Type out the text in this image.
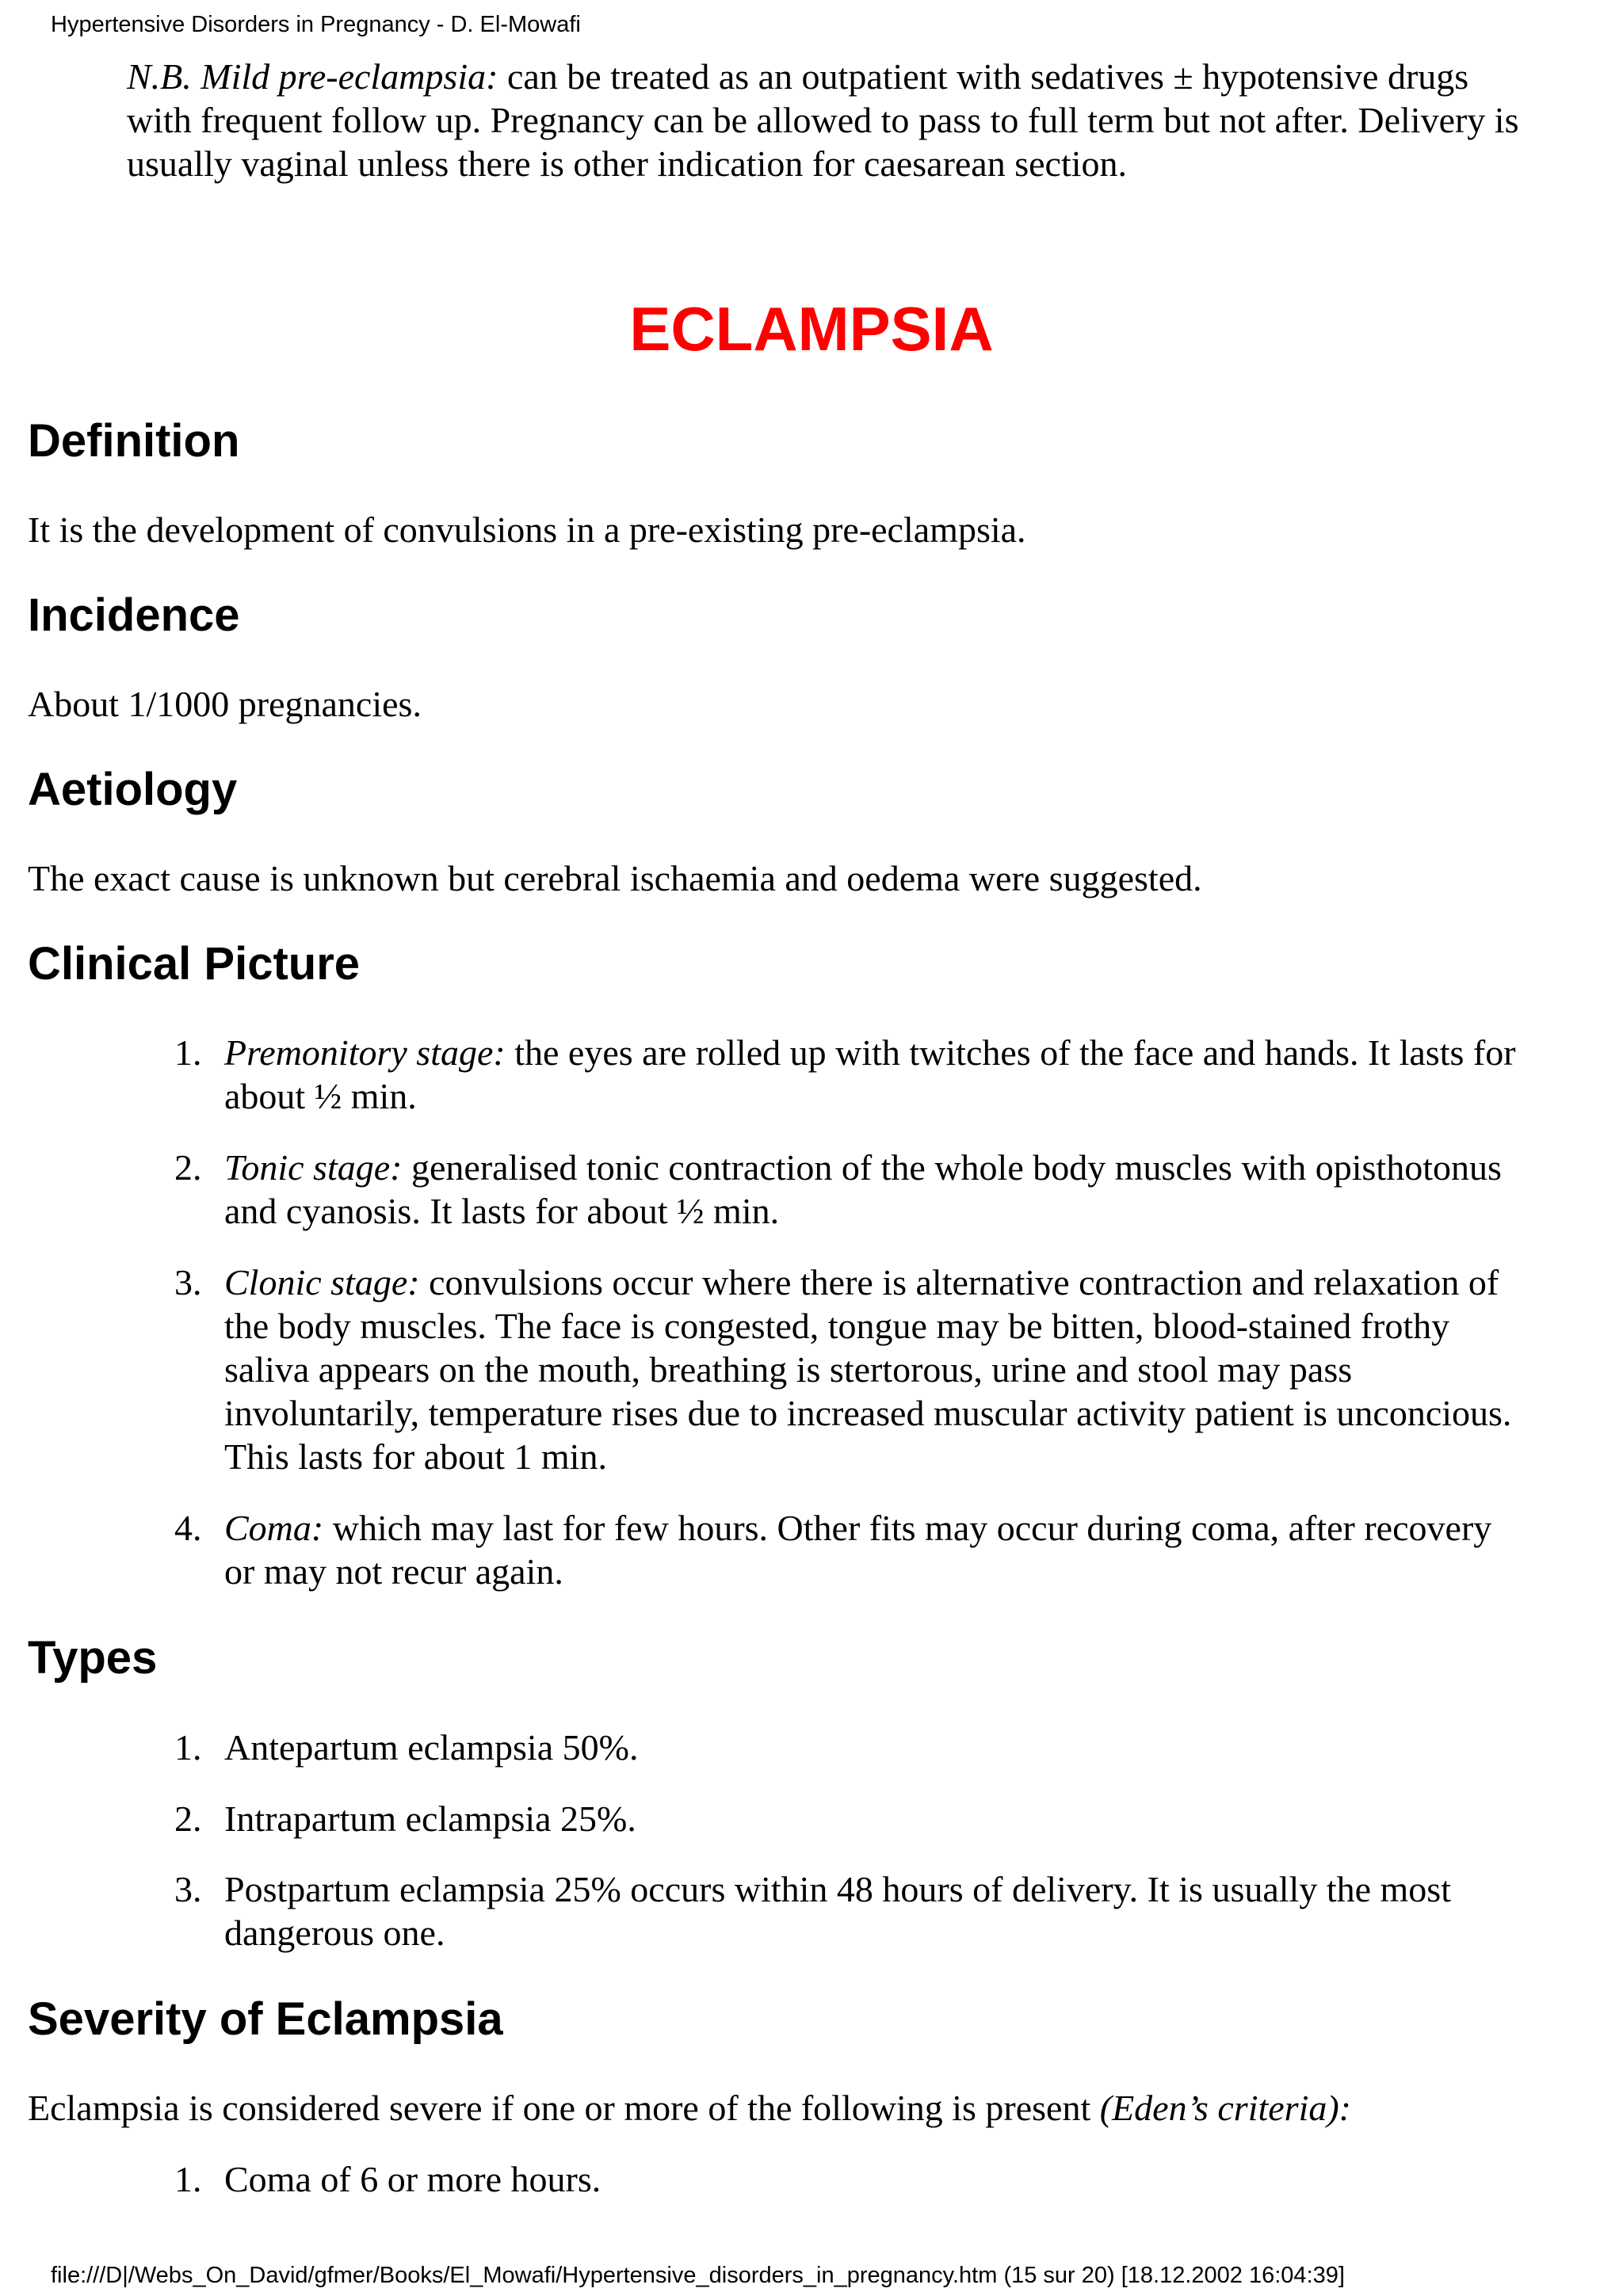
Hypertensive Disorders in Pregnancy - D. El-Mowafi

N.B. Mild pre-eclampsia: can be treated as an outpatient with sedatives ± hypotensive drugs with frequent follow up. Pregnancy can be allowed to pass to full term but not after. Delivery is usually vaginal unless there is other indication for caesarean section.

ECLAMPSIA
Definition

It is the development of convulsions in a pre-existing pre-eclampsia.

Incidence

About 1/1000 pregnancies.

Aetiology

The exact cause is unknown but cerebral ischaemia and oedema were suggested.

Clinical Picture
1. Premonitory stage: the eyes are rolled up with twitches of the face and hands. It lasts for about ½ min.
2. Tonic stage: generalised tonic contraction of the whole body muscles with opisthotonus and cyanosis. It lasts for about ½ min.
3. Clonic stage: convulsions occur where there is alternative contraction and relaxation of the body muscles. The face is congested, tongue may be bitten, blood-stained frothy saliva appears on the mouth, breathing is stertorous, urine and stool may pass involuntarily, temperature rises due to increased muscular activity patient is unconcious. This lasts for about 1 min.
4. Coma: which may last for few hours. Other fits may occur during coma, after recovery or may not recur again.
Types
1. Antepartum eclampsia 50%.
2. Intrapartum eclampsia 25%.
3. Postpartum eclampsia 25% occurs within 48 hours of delivery. It is usually the most dangerous one.
Severity of Eclampsia

Eclampsia is considered severe if one or more of the following is present (Eden’s criteria):

1. Coma of 6 or more hours.
file:///D|/Webs_On_David/gfmer/Books/El_Mowafi/Hypertensive_disorders_in_pregnancy.htm (15 sur 20) [18.12.2002 16:04:39]
